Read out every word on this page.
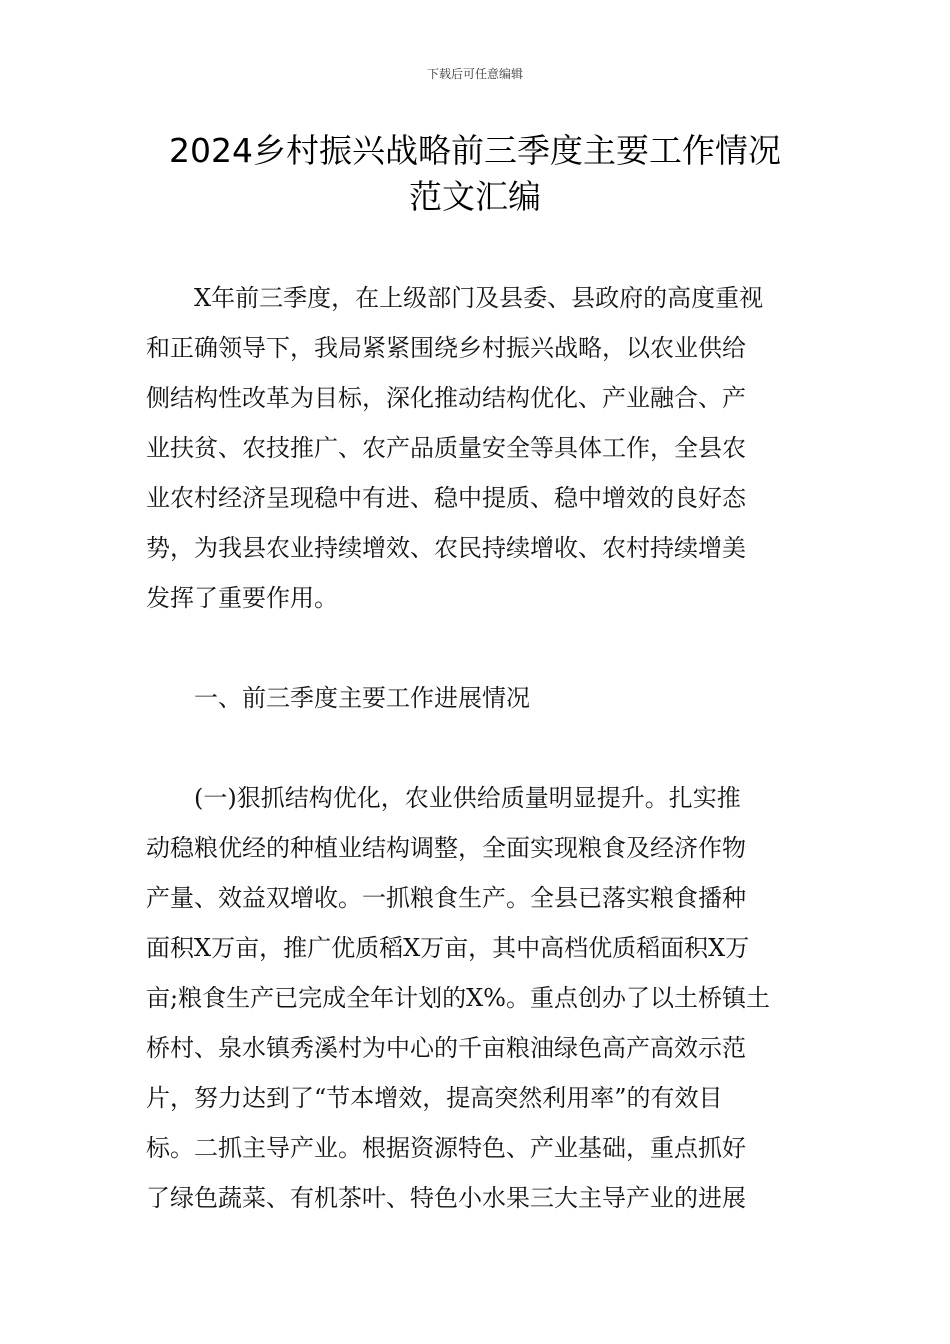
下载后可任意编辑
2024乡村振兴战略前三季度主要工作情况
范文汇编
X年前三季度，在上级部门及县委、县政府的高度重视
和正确领导下，我局紧紧围绕乡村振兴战略，以农业供给
侧结构性改革为目标，深化推动结构优化、产业融合、产
业扶贫、农技推广、农产品质量安全等具体工作，全县农
业农村经济呈现稳中有进、稳中提质、稳中增效的良好态
势，为我县农业持续增效、农民持续增收、农村持续增美
发挥了重要作用。
一、前三季度主要工作进展情况
(一)狠抓结构优化，农业供给质量明显提升。扎实推
动稳粮优经的种植业结构调整，全面实现粮食及经济作物
产量、效益双增收。一抓粮食生产。全县已落实粮食播种
面积X万亩，推广优质稻X万亩，其中高档优质稻面积X万
亩;粮食生产已完成全年计划的X%。重点创办了以土桥镇土
桥村、泉水镇秀溪村为中心的千亩粮油绿色高产高效示范
片，努力达到了“节本增效，提高突然利用率”的有效目
标。二抓主导产业。根据资源特色、产业基础，重点抓好
了绿色蔬菜、有机茶叶、特色小水果三大主导产业的进展
